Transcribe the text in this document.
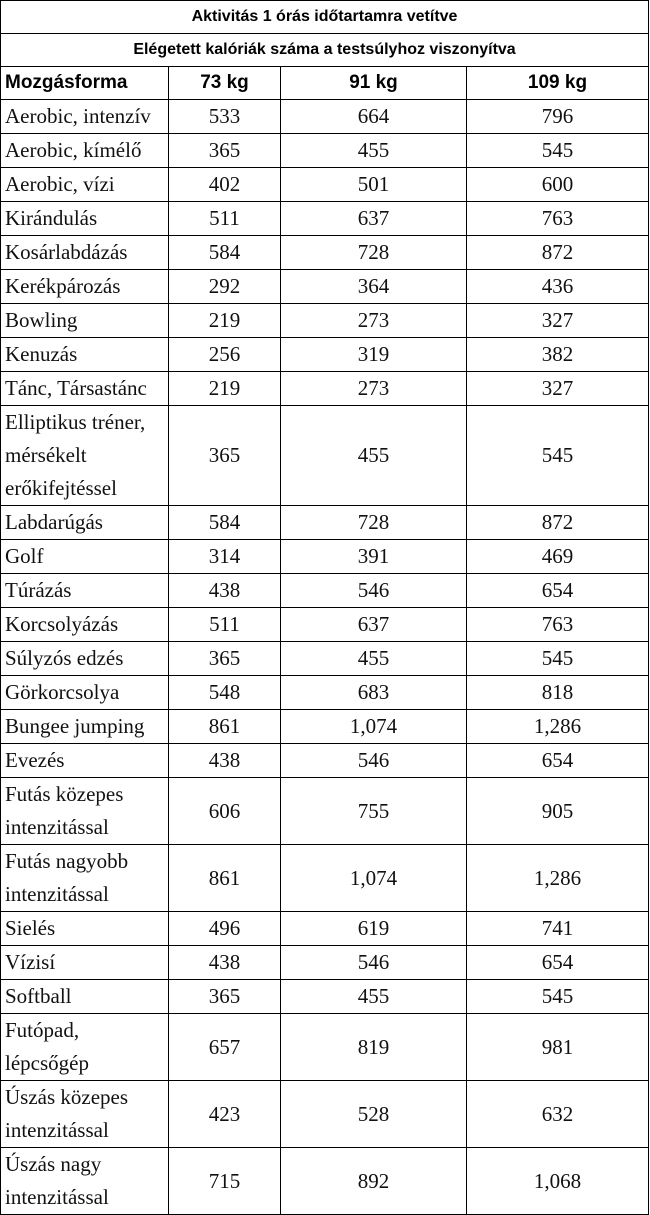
Aktivitás 1 órás időtartamra vetítve			
Elégetett kalóriák száma a testsúlyhoz viszonyítva			
Mozgásforma	73 kg	91 kg	109 kg
Aerobic, intenzív	533	664	796
Aerobic, kímélő	365	455	545
Aerobic, vízi	402	501	600
Kirándulás	511	637	763
Kosárlabdázás	584	728	872
Kerékpározás	292	364	436
Bowling	219	273	327
Kenuzás	256	319	382
Tánc, Társastánc	219	273	327
Elliptikus tréner, mérsékelt erőkifejtéssel	365	455	545
Labdarúgás	584	728	872
Golf	314	391	469
Túrázás	438	546	654
Korcsolyázás	511	637	763
Súlyzós edzés	365	455	545
Görkorcsolya	548	683	818
Bungee jumping	861	1,074	1,286
Evezés	438	546	654
Futás közepes intenzitással	606	755	905
Futás nagyobb intenzitással	861	1,074	1,286
Sielés	496	619	741
Vízisí	438	546	654
Softball	365	455	545
Futópad, lépcsőgép	657	819	981
Úszás közepes intenzitással	423	528	632
Úszás nagy intenzitással	715	892	1,068
